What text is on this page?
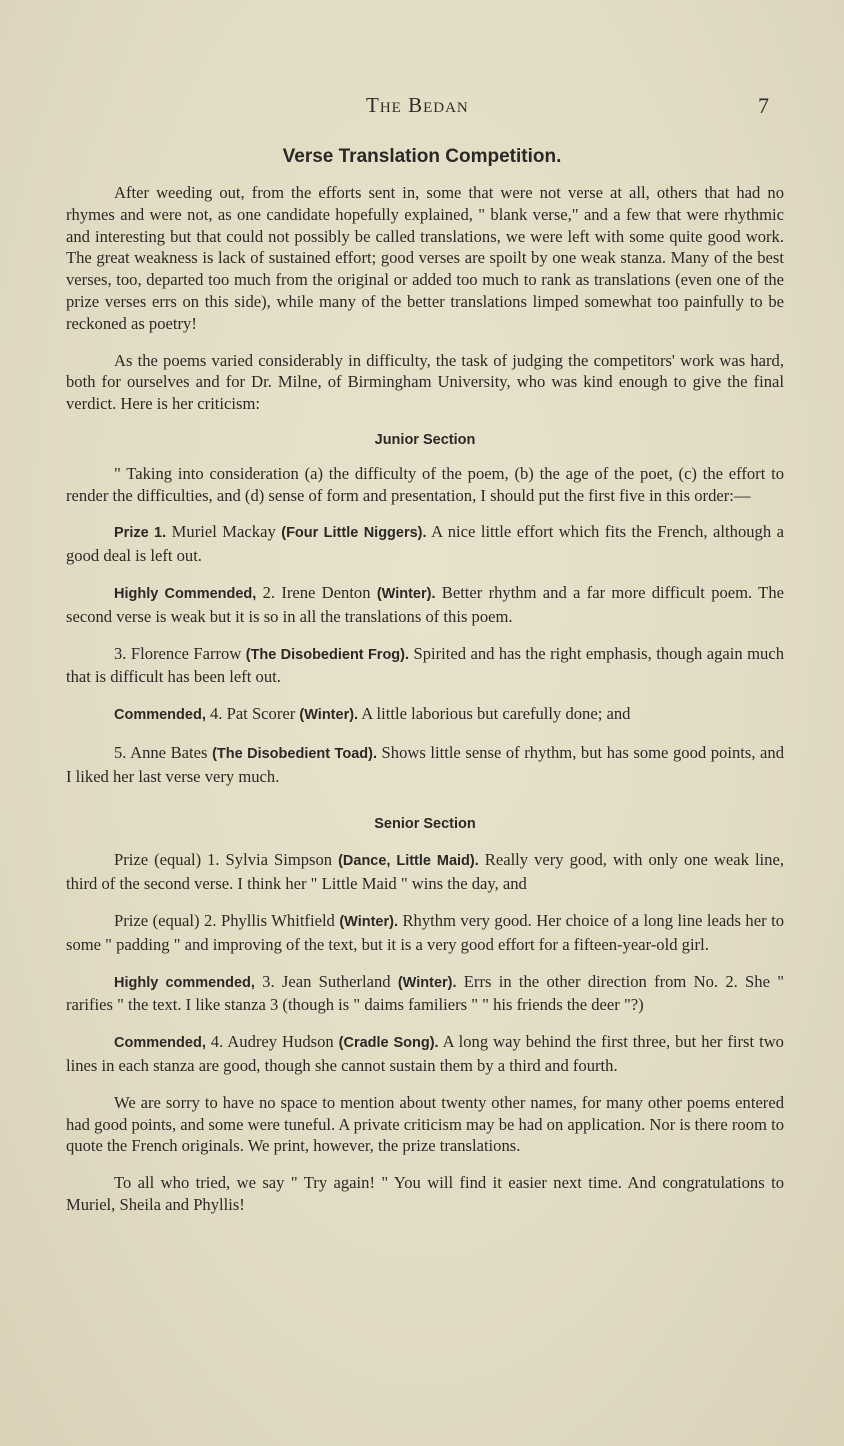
The Bedan	7
Verse Translation Competition.

After weeding out, from the efforts sent in, some that were not verse at all, others that had no rhymes and were not, as one candidate hopefully explained, " blank verse," and a few that were rhythmic and interesting but that could not possibly be called translations, we were left with some quite good work. The great weakness is lack of sustained effort; good verses are spoilt by one weak stanza. Many of the best verses, too, departed too much from the original or added too much to rank as translations (even one of the prize verses errs on this side), while many of the better translations limped somewhat too painfully to be reckoned as poetry!

As the poems varied considerably in difficulty, the task of judging the competitors' work was hard, both for ourselves and for Dr. Milne, of Birmingham University, who was kind enough to give the final verdict. Here is her criticism:

Junior Section

" Taking into consideration (a) the difficulty of the poem, (b) the age of the poet, (c) the effort to render the difficulties, and (d) sense of form and presentation, I should put the first five in this order:—

Prize 1. Muriel Mackay (Four Little Niggers). A nice little effort which fits the French, although a good deal is left out.

Highly Commended, 2. Irene Denton (Winter). Better rhythm and a far more difficult poem. The second verse is weak but it is so in all the translations of this poem.

3. Florence Farrow (The Disobedient Frog). Spirited and has the right emphasis, though again much that is difficult has been left out.

Commended, 4. Pat Scorer (Winter). A little laborious but carefully done; and

5. Anne Bates (The Disobedient Toad). Shows little sense of rhythm, but has some good points, and I liked her last verse very much.

Senior Section

Prize (equal) 1. Sylvia Simpson (Dance, Little Maid). Really very good, with only one weak line, third of the second verse. I think her " Little Maid " wins the day, and

Prize (equal) 2. Phyllis Whitfield (Winter). Rhythm very good. Her choice of a long line leads her to some " padding " and improving of the text, but it is a very good effort for a fifteen-year-old girl.

Highly commended, 3. Jean Sutherland (Winter). Errs in the other direction from No. 2. She " rarifies " the text. I like stanza 3 (though is " daims familiers " " his friends the deer "?)

Commended, 4. Audrey Hudson (Cradle Song). A long way behind the first three, but her first two lines in each stanza are good, though she cannot sustain them by a third and fourth.

We are sorry to have no space to mention about twenty other names, for many other poems entered had good points, and some were tuneful. A private criticism may be had on application. Nor is there room to quote the French originals. We print, however, the prize translations.

To all who tried, we say " Try again! " You will find it easier next time. And congratulations to Muriel, Sheila and Phyllis!
